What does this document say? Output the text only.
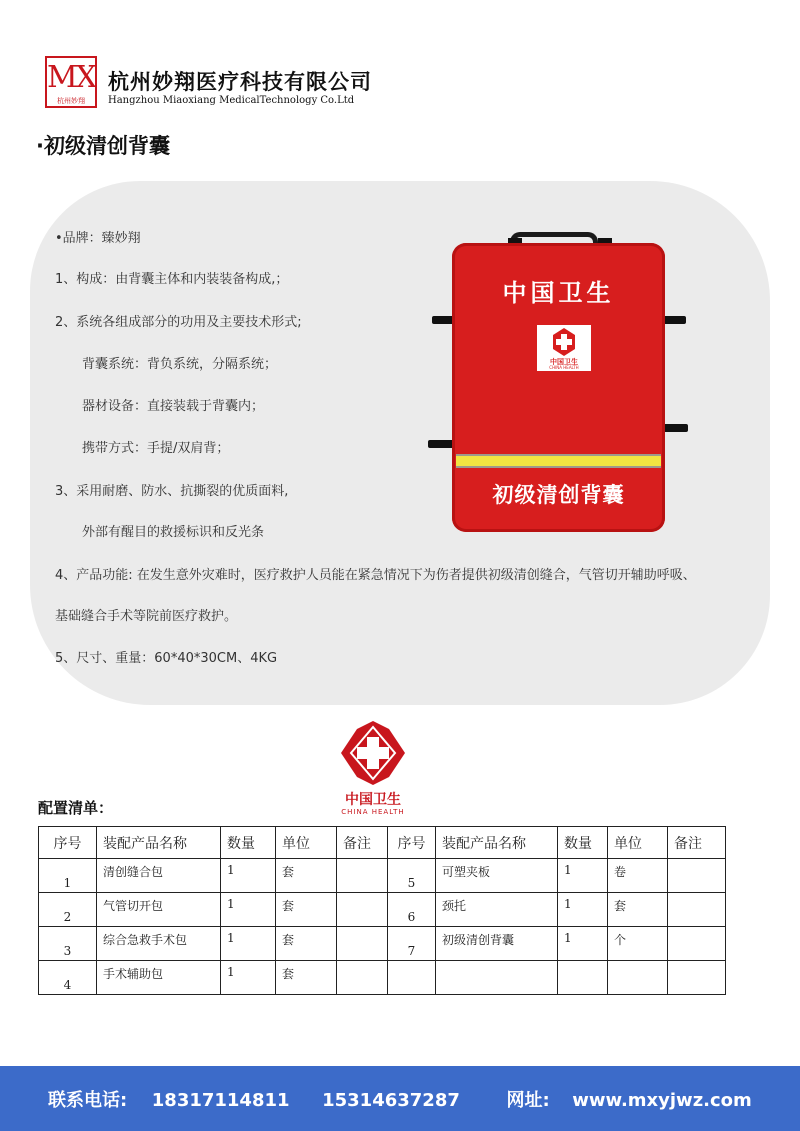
MX
杭州妙翔
杭州妙翔医疗科技有限公司
Hangzhou Miaoxiang MedicalTechnology Co.Ltd
·初级清创背囊
•品牌：臻妙翔
1、构成：由背囊主体和内装装备构成,；
2、系统各组成部分的功用及主要技术形式;
背囊系统：背负系统，分隔系统；
器材设备：直接装载于背囊内；
携带方式：手提/双肩背；
3、采用耐磨、防水、抗撕裂的优质面料,
外部有醒目的救援标识和反光条
4、产品功能: 在发生意外灾难时，医疗救护人员能在紧急情况下为伤者提供初级清创缝合，气管切开辅助呼吸、
基础缝合手术等院前医疗救护。
5、尺寸、重量：60*40*30CM、4KG
中国卫生
中国卫生
CHINA HEALTH
初级清创背囊
中国卫生
CHINA HEALTH
配置清单：
序号	装配产品名称	数量	单位	备注	序号	装配产品名称	数量	单位	备注
1	清创缝合包	1	套		5	可塑夹板	1	卷	
2	气管切开包	1	套		6	颈托	1	套	
3	综合急救手术包	1	套		7	初级清创背囊	1	个	
4	手术辅助包	1	套						
联系电话: 18317114811 15314637287	网址: www.mxyjwz.com
